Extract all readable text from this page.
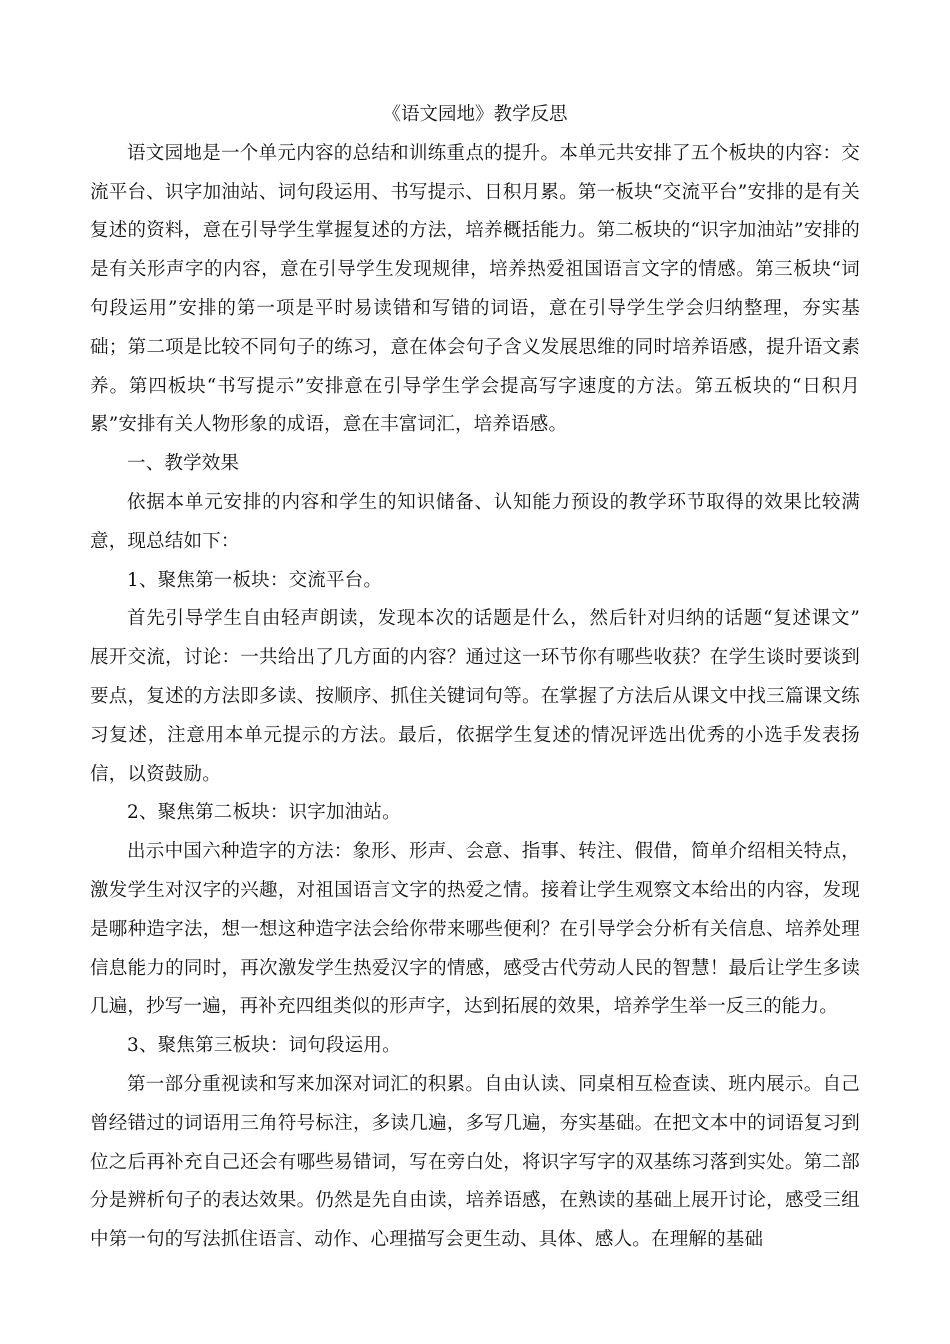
《语文园地》教学反思

语文园地是一个单元内容的总结和训练重点的提升。本单元共安排了五个板块的内容：交流平台、识字加油站、词句段运用、书写提示、日积月累。第一板块“交流平台”安排的是有关复述的资料，意在引导学生掌握复述的方法，培养概括能力。第二板块的“识字加油站”安排的是有关形声字的内容，意在引导学生发现规律，培养热爱祖国语言文字的情感。第三板块“词句段运用”安排的第一项是平时易读错和写错的词语，意在引导学生学会归纳整理，夯实基础；第二项是比较不同句子的练习，意在体会句子含义发展思维的同时培养语感，提升语文素养。第四板块“书写提示”安排意在引导学生学会提高写字速度的方法。第五板块的“日积月累”安排有关人物形象的成语，意在丰富词汇，培养语感。

一、教学效果

依据本单元安排的内容和学生的知识储备、认知能力预设的教学环节取得的效果比较满意，现总结如下：

1、聚焦第一板块：交流平台。

首先引导学生自由轻声朗读，发现本次的话题是什么，然后针对归纳的话题“复述课文”　展开交流，讨论：一共给出了几方面的内容？通过这一环节你有哪些收获？在学生谈时要谈到要点，复述的方法即多读、按顺序、抓住关键词句等。在掌握了方法后从课文中找三篇课文练习复述，注意用本单元提示的方法。最后，依据学生复述的情况评选出优秀的小选手发表扬信，以资鼓励。

2、聚焦第二板块：识字加油站。

出示中国六种造字的方法：象形、形声、会意、指事、转注、假借，简单介绍相关特点，激发学生对汉字的兴趣，对祖国语言文字的热爱之情。接着让学生观察文本给出的内容，发现是哪种造字法，想一想这种造字法会给你带来哪些便利？在引导学会分析有关信息、培养处理信息能力的同时，再次激发学生热爱汉字的情感，感受古代劳动人民的智慧！最后让学生多读几遍，抄写一遍，再补充四组类似的形声字，达到拓展的效果，培养学生举一反三的能力。

3、聚焦第三板块：词句段运用。

第一部分重视读和写来加深对词汇的积累。自由认读、同桌相互检查读、班内展示。自己曾经错过的词语用三角符号标注，多读几遍，多写几遍，夯实基础。在把文本中的词语复习到位之后再补充自己还会有哪些易错词，写在旁白处，将识字写字的双基练习落到实处。第二部分是辨析句子的表达效果。仍然是先自由读，培养语感，在熟读的基础上展开讨论，感受三组中第一句的写法抓住语言、动作、心理描写会更生动、具体、感人。在理解的基础
